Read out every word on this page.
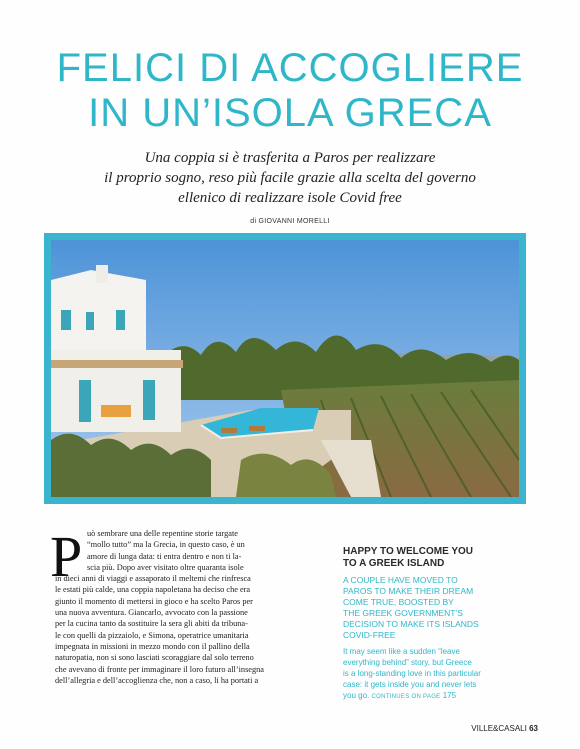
FELICI DI ACCOGLIERE
IN UN’ISOLA GRECA
Una coppia si è trasferita a Paros per realizzare
il proprio sogno, reso più facile grazie alla scelta del governo
ellenico di realizzare isole Covid free
di GIOVANNI MORELLI
P uò sembrare una delle repentine storie targate
“mollo tutto” ma la Grecia, in questo caso, è un
amore di lunga data: ti entra dentro e non ti la-
scia più. Dopo aver visitato oltre quaranta isole
in dieci anni di viaggi e assaporato il meltemi che rinfresca
le estati più calde, una coppia napoletana ha deciso che era
giunto il momento di mettersi in gioco e ha scelto Paros per
una nuova avventura. Giancarlo, avvocato con la passione
per la cucina tanto da sostituire la sera gli abiti da tribuna-
le con quelli da pizzaiolo, e Simona, operatrice umanitaria
impegnata in missioni in mezzo mondo con il pallino della
naturopatia, non si sono lasciati scoraggiare dal solo terreno
che avevano di fronte per immaginare il loro futuro all’insegna
dell’allegria e dell’accoglienza che, non a caso, li ha portati a
HAPPY TO WELCOME YOU
TO A GREEK ISLAND
A COUPLE HAVE MOVED TO
PAROS TO MAKE THEIR DREAM
COME TRUE, BOOSTED BY
THE GREEK GOVERNMENT’S
DECISION TO MAKE ITS ISLANDS
COVID-FREE
It may seem like a sudden “leave
everything behind” story, but Greece
is a long-standing love in this particular
case: it gets inside you and never lets
you go. CONTINUES ON PAGE 175
VILLE&CASALI 63
